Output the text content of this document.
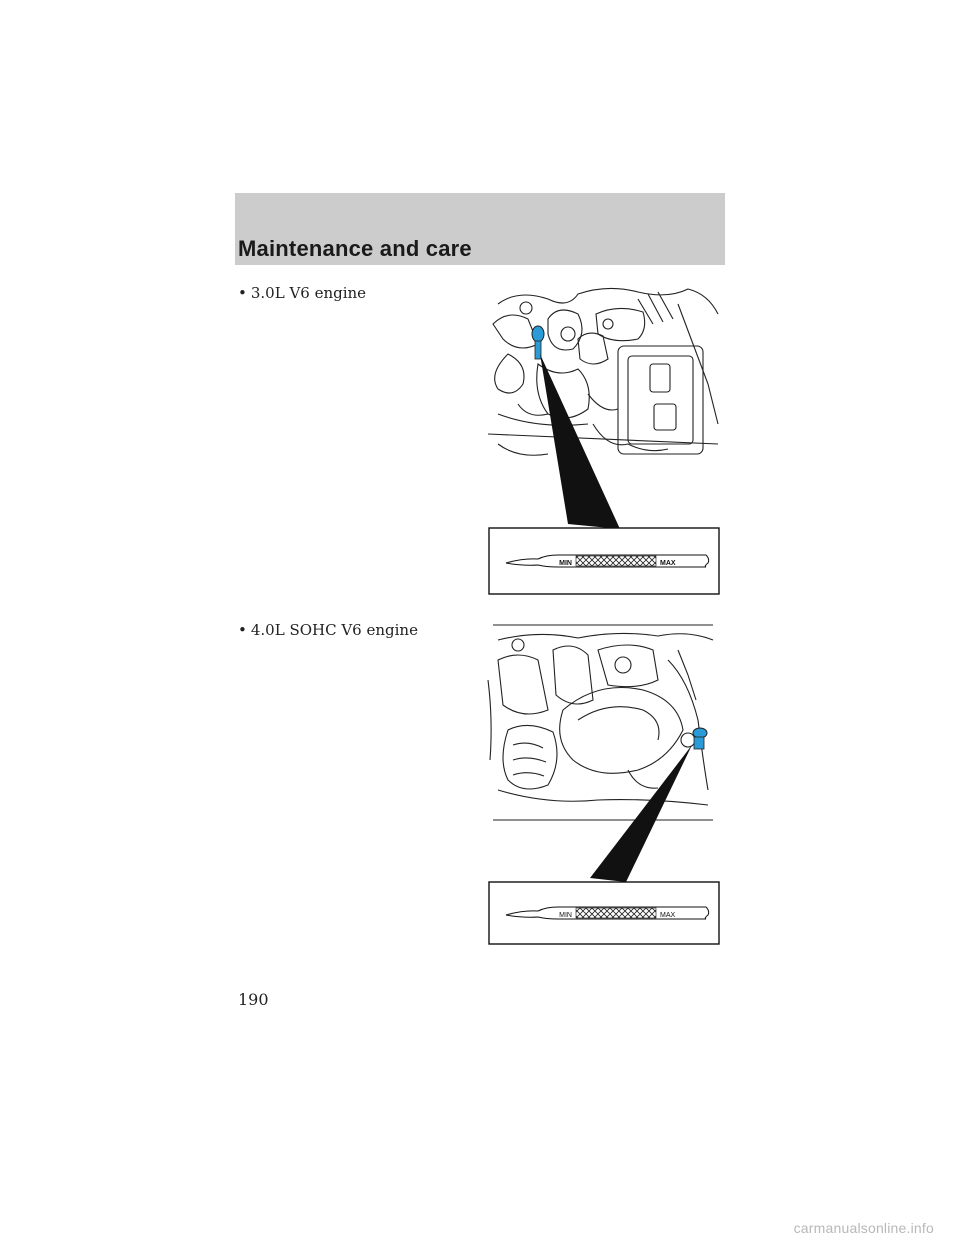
Maintenance and care
• 3.0L V6 engine
• 4.0L SOHC V6 engine
MIN	MAX
MIN	MAX
190
carmanualsonline.info
